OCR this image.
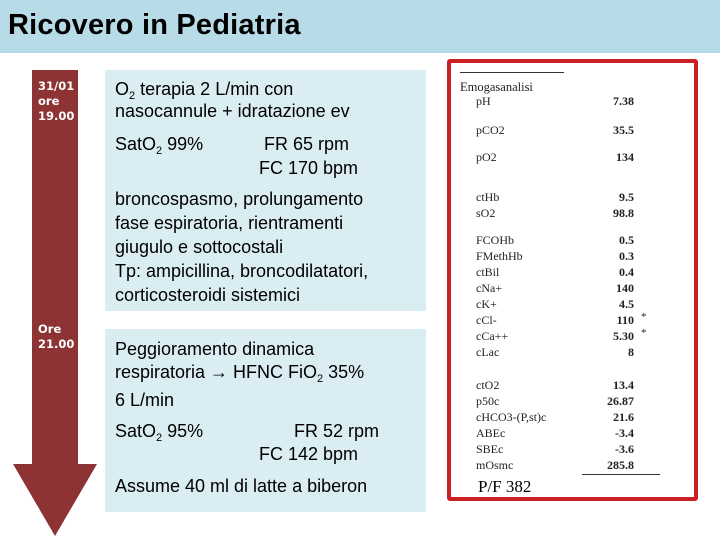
Ricovero in Pediatria
31/01
ore
19.00
Ore
21.00
$O_2$ terapia 2 L/min con
nasocannule + idratazione ev
SatO$_2$ 99%	FR 65 rpm
FC 170 bpm
broncospasmo, prolungamento
fase espiratoria, rientramenti
giugulo e sottocostali
Tp: ampicillina, broncodilatatori,
corticosteroidi sistemici
Peggioramento dinamica
respiratoria → HFNC FiO$_2$ 35%
6 L/min
SatO$_2$ 95%	FR 52 rpm
FC 142 bpm
Assume 40 ml di latte a biberon
Emogasanalisi
pH	7.38
pCO2	35.5
pO2	134
ctHb	9.5
sO2	98.8
FCOHb	0.5
FMethHb	0.3
ctBil	0.4
cNa+	140
cK+	4.5
cCl-	110 *
cCa++	5.30 *
cLac	8
ctO2	13.4
p50c	26.87
cHCO3-(P,st)c	21.6
ABEc	-3.4
SBEc	-3.6
mOsmc	285.8
P/F 382
